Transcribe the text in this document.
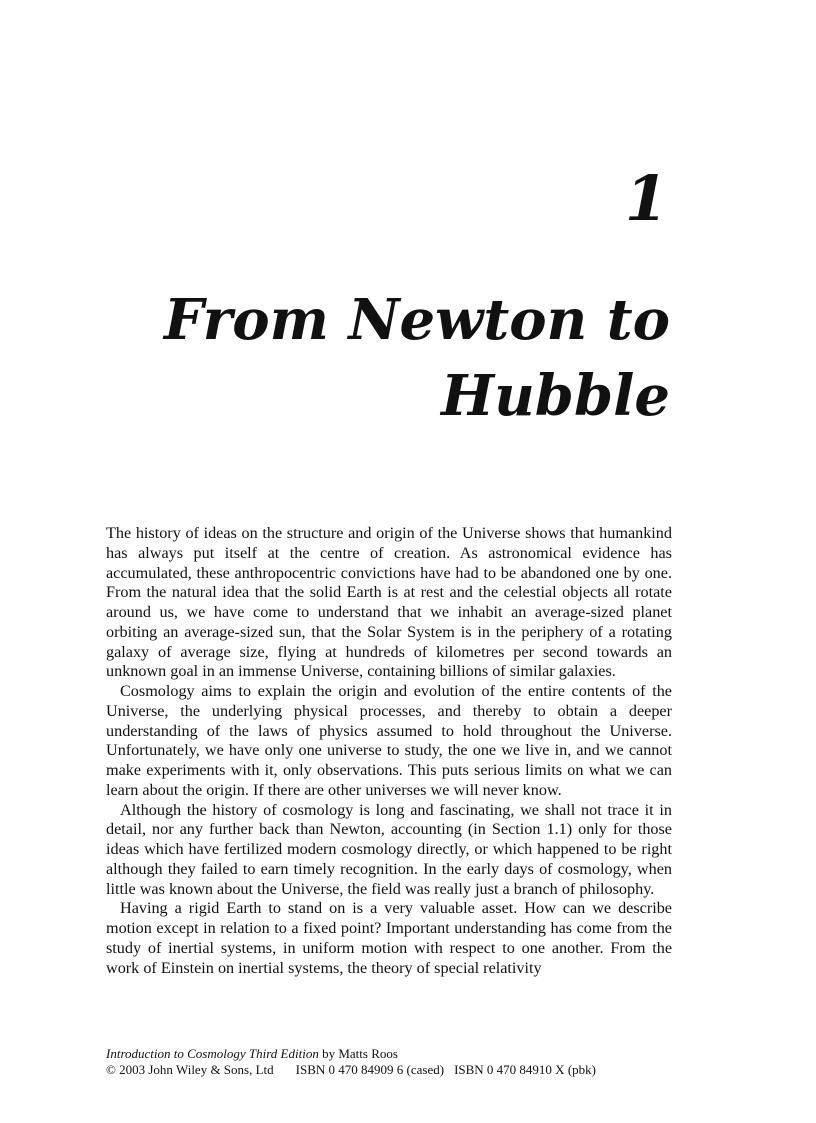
1
From Newton to
Hubble

The history of ideas on the structure and origin of the Universe shows that humankind has always put itself at the centre of creation. As astronomical evidence has accumulated, these anthropocentric convictions have had to be abandoned one by one. From the natural idea that the solid Earth is at rest and the celestial objects all rotate around us, we have come to understand that we inhabit an average-sized planet orbiting an average-sized sun, that the Solar System is in the periphery of a rotating galaxy of average size, flying at hundreds of kilometres per second towards an unknown goal in an immense Universe, containing billions of similar galaxies.

Cosmology aims to explain the origin and evolution of the entire contents of the Universe, the underlying physical processes, and thereby to obtain a deeper understanding of the laws of physics assumed to hold throughout the Universe. Unfortunately, we have only one universe to study, the one we live in, and we cannot make experiments with it, only observations. This puts serious limits on what we can learn about the origin. If there are other universes we will never know.

Although the history of cosmology is long and fascinating, we shall not trace it in detail, nor any further back than Newton, accounting (in Section 1.1) only for those ideas which have fertilized modern cosmology directly, or which happened to be right although they failed to earn timely recognition. In the early days of cosmology, when little was known about the Universe, the field was really just a branch of philosophy.

Having a rigid Earth to stand on is a very valuable asset. How can we describe motion except in relation to a fixed point? Important understanding has come from the study of inertial systems, in uniform motion with respect to one another. From the work of Einstein on inertial systems, the theory of special relativity

Introduction to Cosmology Third Edition by Matts Roos
© 2003 John Wiley & Sons, Ltd ISBN 0 470 84909 6 (cased) ISBN 0 470 84910 X (pbk)
